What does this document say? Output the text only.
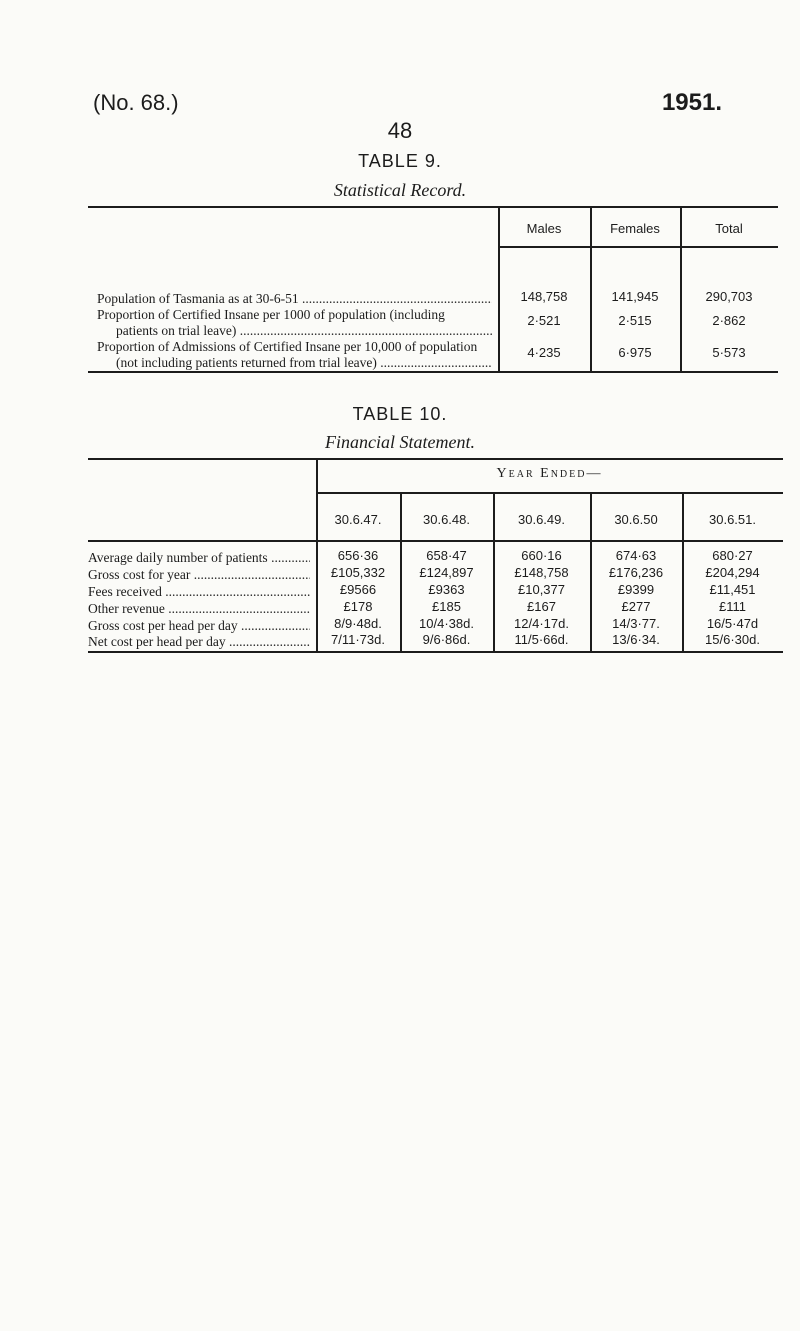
(No. 68.)	1951.
48
TABLE 9.
Statistical Record.
Males	Females	Total
Population of Tasmania as at 30-6-51 .....	148,758	141,945	290,703
Proportion of Certified Insane per 1000 of population (including
patients on trial leave) .....
2·521	2·515	2·862
Proportion of Admissions of Certified Insane per 10,000 of population
(not including patients returned from trial leave) .....
4·235	6·975	5·573
TABLE 10.
Financial Statement.
Year Ended—
30.6.47.	30.6.48.	30.6.49.	30.6.50	30.6.51.
Average daily number of patients .....	656·36	658·47	660·16	674·63	680·27
Gross cost for year .....	£105,332	£124,897	£148,758	£176,236	£204,294
Fees received .....	£9566	£9363	£10,377	£9399	£11,451
Other revenue .....	£178	£185	£167	£277	£111
Gross cost per head per day .....	8/9·48d.	10/4·38d.	12/4·17d.	14/3·77.	16/5·47d
Net cost per head per day .....	7/11·73d.	9/6·86d.	11/5·66d.	13/6·34.	15/6·30d.
